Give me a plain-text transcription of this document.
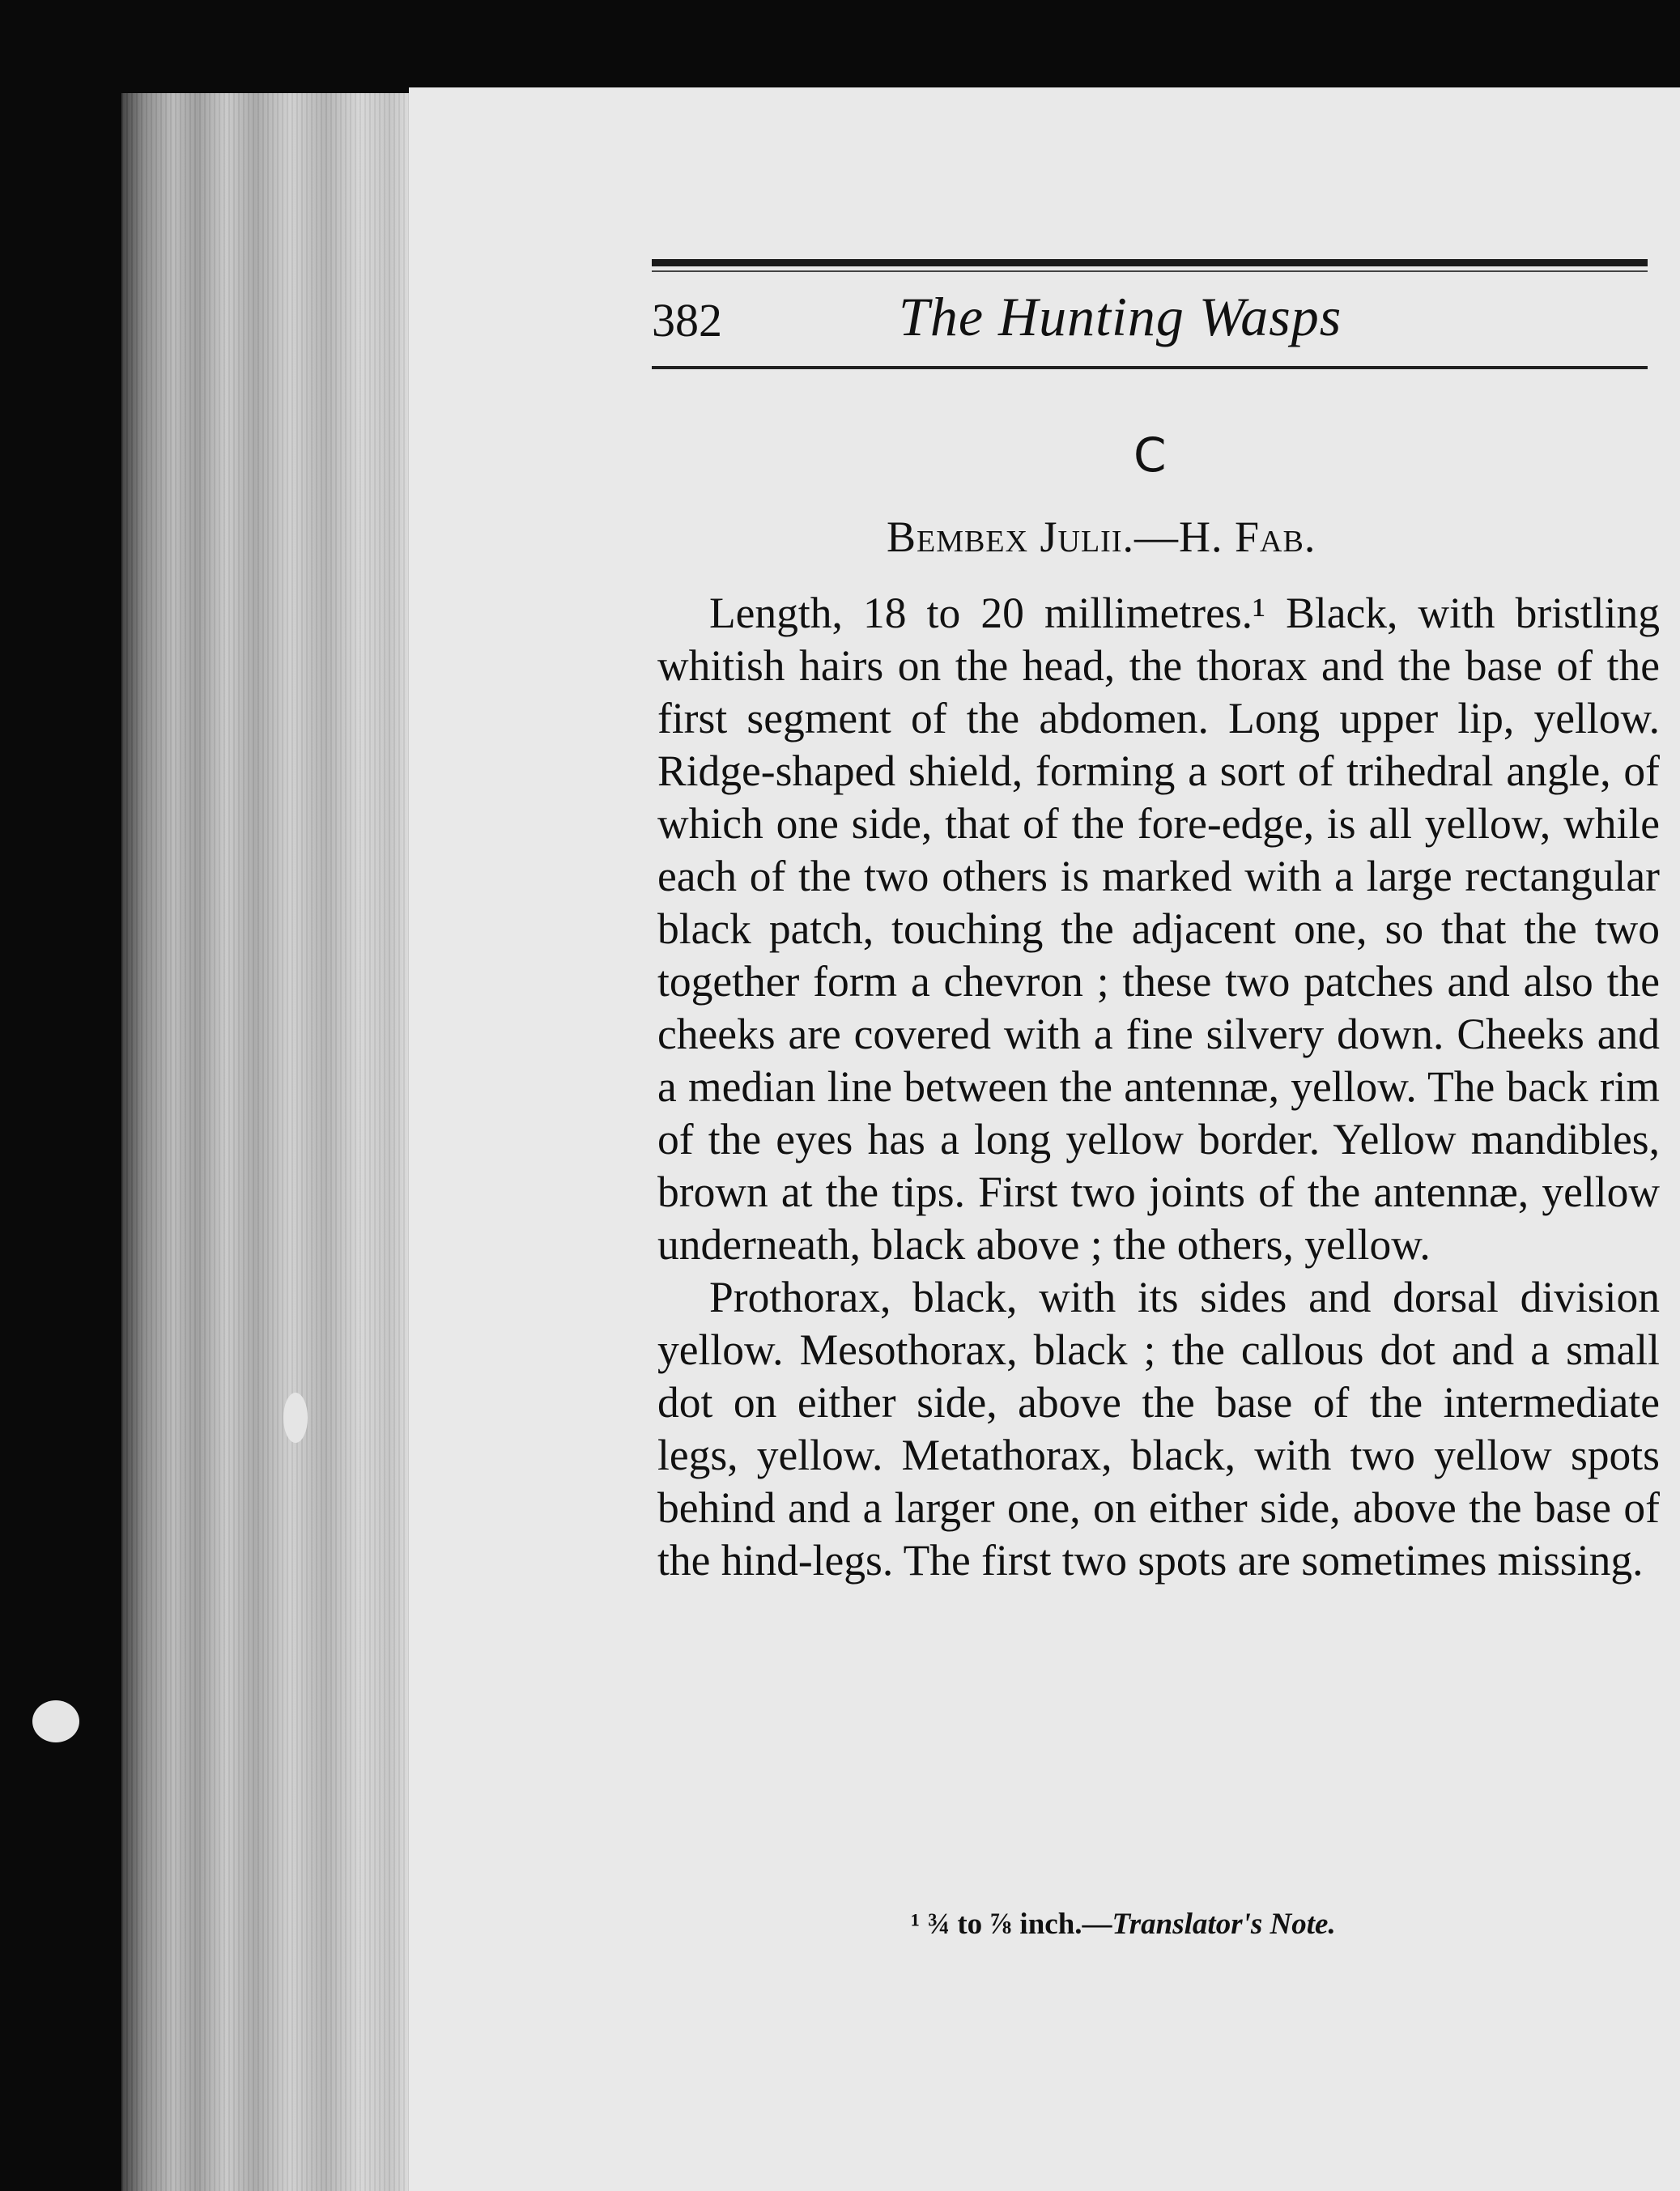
382	The Hunting Wasps
C
Bembex Julii.—H. Fab.

Length, 18 to 20 millimetres.¹ Black, with bristling whitish hairs on the head, the thorax and the base of the first segment of the abdomen. Long upper lip, yellow. Ridge-shaped shield, forming a sort of trihedral angle, of which one side, that of the fore-edge, is all yellow, while each of the two others is marked with a large rectangular black patch, touching the adjacent one, so that the two together form a chevron ; these two patches and also the cheeks are covered with a fine silvery down. Cheeks and a median line between the antennæ, yellow. The back rim of the eyes has a long yellow border. Yellow mandibles, brown at the tips. First two joints of the antennæ, yellow underneath, black above ; the others, yellow.

Prothorax, black, with its sides and dorsal division yellow. Mesothorax, black ; the callous dot and a small dot on either side, above the base of the intermediate legs, yellow. Metathorax, black, with two yellow spots behind and a larger one, on either side, above the base of the hind-legs. The first two spots are sometimes missing.

¹ ¾ to ⅞ inch.—Translator's Note.
